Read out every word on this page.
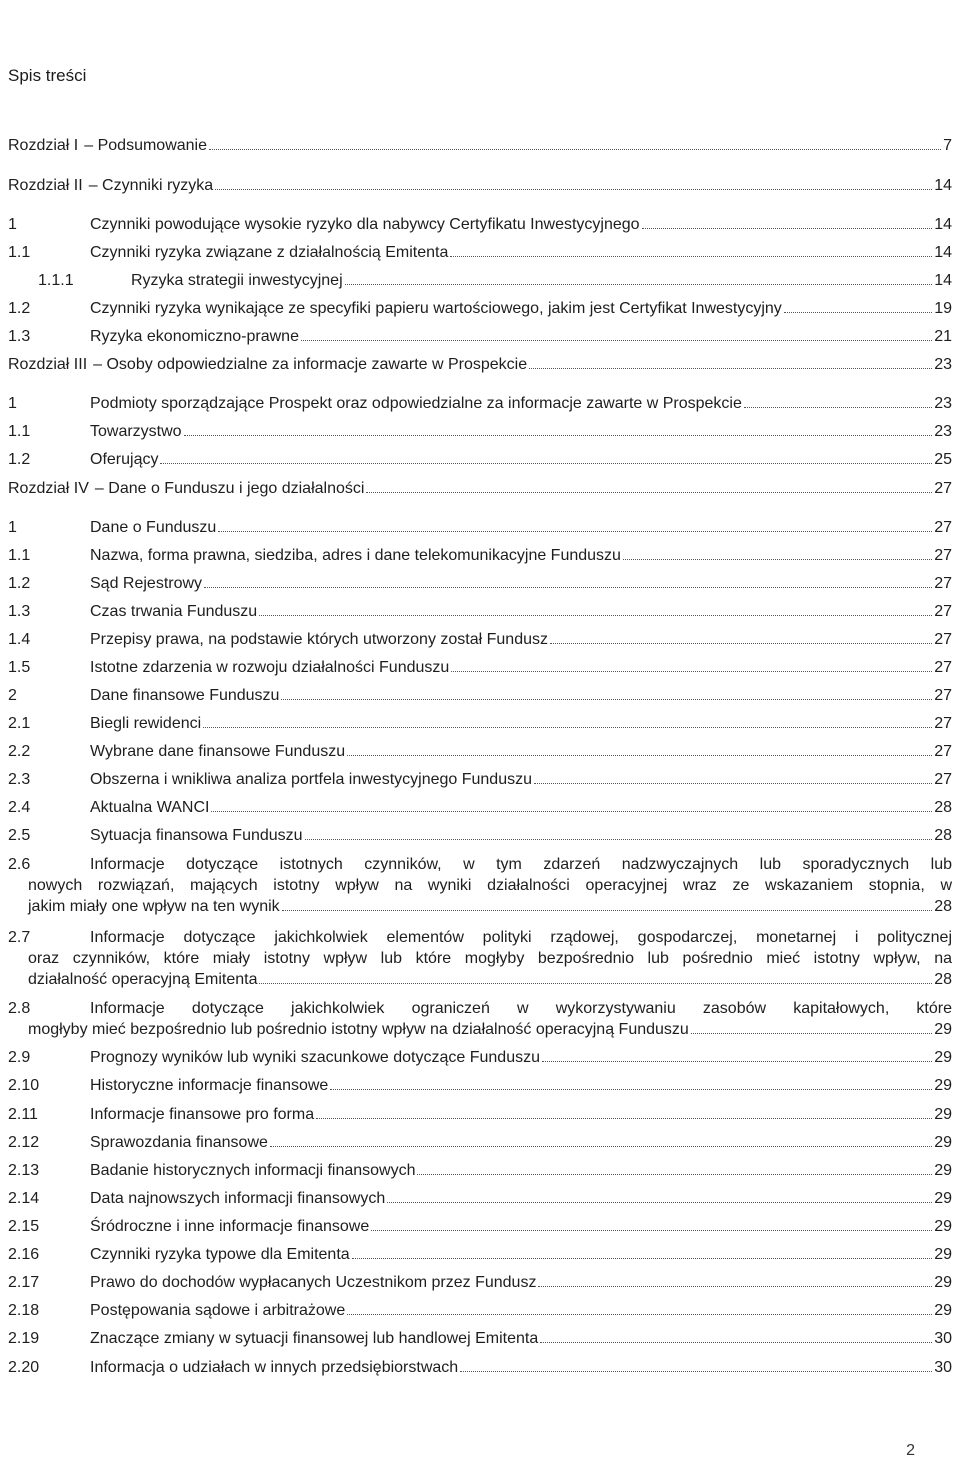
Spis treści
Rozdział I – Podsumowanie	7
Rozdział II – Czynniki ryzyka	14
1	Czynniki powodujące wysokie ryzyko dla nabywcy Certyfikatu Inwestycyjnego	14
1.1	Czynniki ryzyka związane z działalnością Emitenta	14
1.1.1	Ryzyka strategii inwestycyjnej	14
1.2	Czynniki ryzyka wynikające ze specyfiki papieru wartościowego, jakim jest Certyfikat Inwestycyjny	19
1.3	Ryzyka ekonomiczno-prawne	21
Rozdział III – Osoby odpowiedzialne za informacje zawarte w Prospekcie	23
1	Podmioty sporządzające Prospekt oraz odpowiedzialne za informacje zawarte w Prospekcie	23
1.1	Towarzystwo	23
1.2	Oferujący	25
Rozdział IV – Dane o Funduszu i jego działalności	27
1	Dane o Funduszu	27
1.1	Nazwa, forma prawna, siedziba, adres i dane telekomunikacyjne Funduszu	27
1.2	Sąd Rejestrowy	27
1.3	Czas trwania Funduszu	27
1.4	Przepisy prawa, na podstawie których utworzony został Fundusz	27
1.5	Istotne zdarzenia w rozwoju działalności Funduszu	27
2	Dane finansowe Funduszu	27
2.1	Biegli rewidenci	27
2.2	Wybrane dane finansowe Funduszu	27
2.3	Obszerna i wnikliwa analiza portfela inwestycyjnego Funduszu	27
2.4	Aktualna WANCI	28
2.5	Sytuacja finansowa Funduszu	28
2.6	Informacje dotyczące istotnych czynników, w tym zdarzeń nadzwyczajnych lub sporadycznych lub
nowych rozwiązań, mających istotny wpływ na wyniki działalności operacyjnej wraz ze wskazaniem stopnia, w
jakim miały one wpływ na ten wynik	28
2.7	Informacje dotyczące jakichkolwiek elementów polityki rządowej, gospodarczej, monetarnej i politycznej
oraz czynników, które miały istotny wpływ lub które mogłyby bezpośrednio lub pośrednio mieć istotny wpływ, na
działalność operacyjną Emitenta	28
2.8	Informacje dotyczące jakichkolwiek ograniczeń w wykorzystywaniu zasobów kapitałowych, które
mogłyby mieć bezpośrednio lub pośrednio istotny wpływ na działalność operacyjną Funduszu	29
2.9	Prognozy wyników lub wyniki szacunkowe dotyczące Funduszu	29
2.10	Historyczne informacje finansowe	29
2.11	Informacje finansowe pro forma	29
2.12	Sprawozdania finansowe	29
2.13	Badanie historycznych informacji finansowych	29
2.14	Data najnowszych informacji finansowych	29
2.15	Śródroczne i inne informacje finansowe	29
2.16	Czynniki ryzyka typowe dla Emitenta	29
2.17	Prawo do dochodów wypłacanych Uczestnikom przez Fundusz	29
2.18	Postępowania sądowe i arbitrażowe	29
2.19	Znaczące zmiany w sytuacji finansowej lub handlowej Emitenta	30
2.20	Informacja o udziałach w innych przedsiębiorstwach	30
2
